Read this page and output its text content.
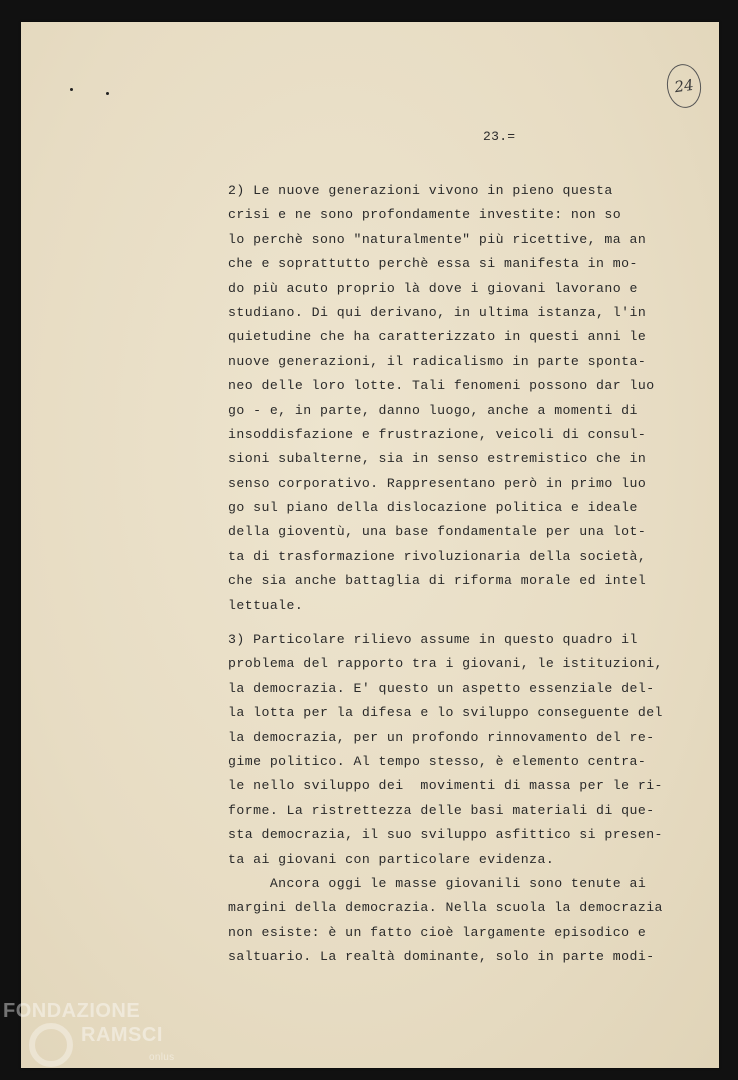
24
23.=
2) Le nuove generazioni vivono in pieno questa
crisi e ne sono profondamente investite: non so
lo perchè sono "naturalmente" più ricettive, ma an
che e soprattutto perchè essa si manifesta in mo-
do più acuto proprio là dove i giovani lavorano e
studiano. Di qui derivano, in ultima istanza, l'in
quietudine che ha caratterizzato in questi anni le
nuove generazioni, il radicalismo in parte sponta-
neo delle loro lotte. Tali fenomeni possono dar luo
go - e, in parte, danno luogo, anche a momenti di
insoddisfazione e frustrazione, veicoli di consul-
sioni subalterne, sia in senso estremistico che in
senso corporativo. Rappresentano però in primo luo
go sul piano della dislocazione politica e ideale
della gioventù, una base fondamentale per una lot-
ta di trasformazione rivoluzionaria della società,
che sia anche battaglia di riforma morale ed intel
lettuale.
3) Particolare rilievo assume in questo quadro il
problema del rapporto tra i giovani, le istituzioni,
la democrazia. E' questo un aspetto essenziale del-
la lotta per la difesa e lo sviluppo conseguente del
la democrazia, per un profondo rinnovamento del re-
gime politico. Al tempo stesso, è elemento centra-
le nello sviluppo dei  movimenti di massa per le ri-
forme. La ristrettezza delle basi materiali di que-
sta democrazia, il suo sviluppo asfittico si presen-
ta ai giovani con particolare evidenza.
Ancora oggi le masse giovanili sono tenute ai
margini della democrazia. Nella scuola la democrazia
non esiste: è un fatto cioè largamente episodico e
saltuario. La realtà dominante, solo in parte modi-
FONDAZIONE
RAMSCI
onlus
